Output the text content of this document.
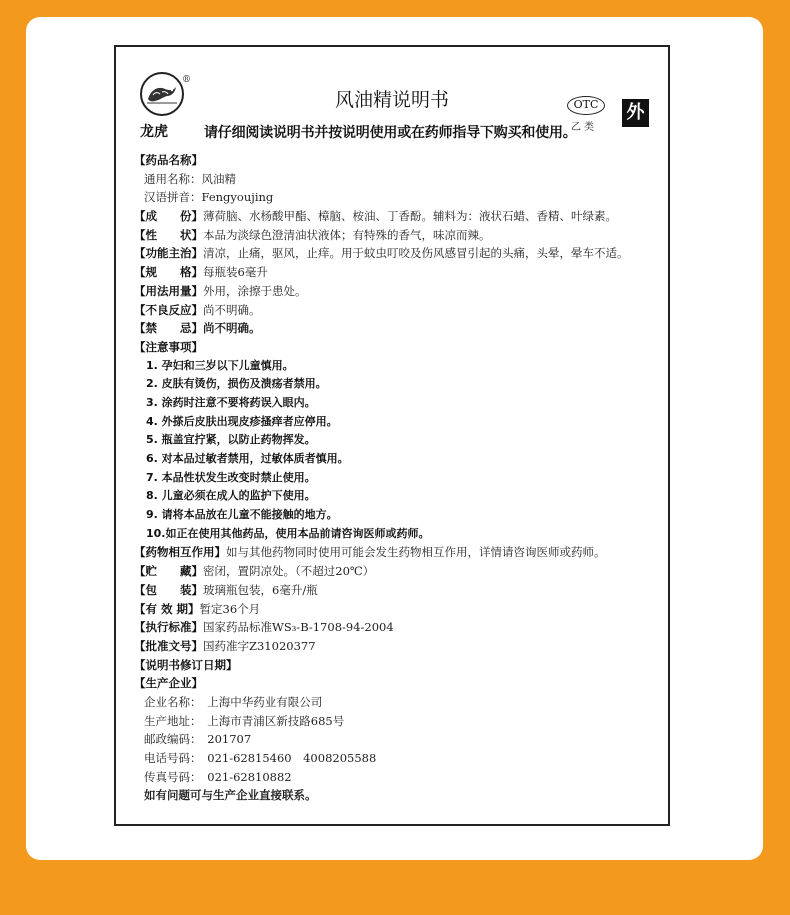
®
龙虎
风油精说明书
请仔细阅读说明书并按说明使用或在药师指导下购买和使用。
OTC
乙类
外
【药品名称】
通用名称：风油精
汉语拼音：Fengyoujing
【成　　份】薄荷脑、水杨酸甲酯、樟脑、桉油、丁香酚。辅料为：液状石蜡、香精、叶绿素。
【性　　状】本品为淡绿色澄清油状液体；有特殊的香气，味凉而辣。
【功能主治】清凉，止痛，驱风，止痒。用于蚊虫叮咬及伤风感冒引起的头痛，头晕，晕车不适。
【规　　格】每瓶装6毫升
【用法用量】外用，涂擦于患处。
【不良反应】尚不明确。
【禁　　忌】尚不明确。
【注意事项】
1. 孕妇和三岁以下儿童慎用。
2. 皮肤有烫伤，损伤及溃疡者禁用。
3. 涂药时注意不要将药误入眼内。
4. 外搽后皮肤出现皮疹搔痒者应停用。
5. 瓶盖宜拧紧，以防止药物挥发。
6. 对本品过敏者禁用，过敏体质者慎用。
7. 本品性状发生改变时禁止使用。
8. 儿童必须在成人的监护下使用。
9. 请将本品放在儿童不能接触的地方。
10.如正在使用其他药品，使用本品前请咨询医师或药师。
【药物相互作用】如与其他药物同时使用可能会发生药物相互作用，详情请咨询医师或药师。
【贮　　藏】密闭，置阴凉处。（不超过20℃）
【包　　装】玻璃瓶包装，6毫升/瓶
【有 效 期】暂定36个月
【执行标准】国家药品标准WS₃-B-1708-94-2004
【批准文号】国药准字Z31020377
【说明书修订日期】
【生产企业】
企业名称：　上海中华药业有限公司
生产地址：　上海市青浦区新技路685号
邮政编码：　201707
电话号码：　021-62815460　4008205588
传真号码：　021-62810882
如有问题可与生产企业直接联系。
